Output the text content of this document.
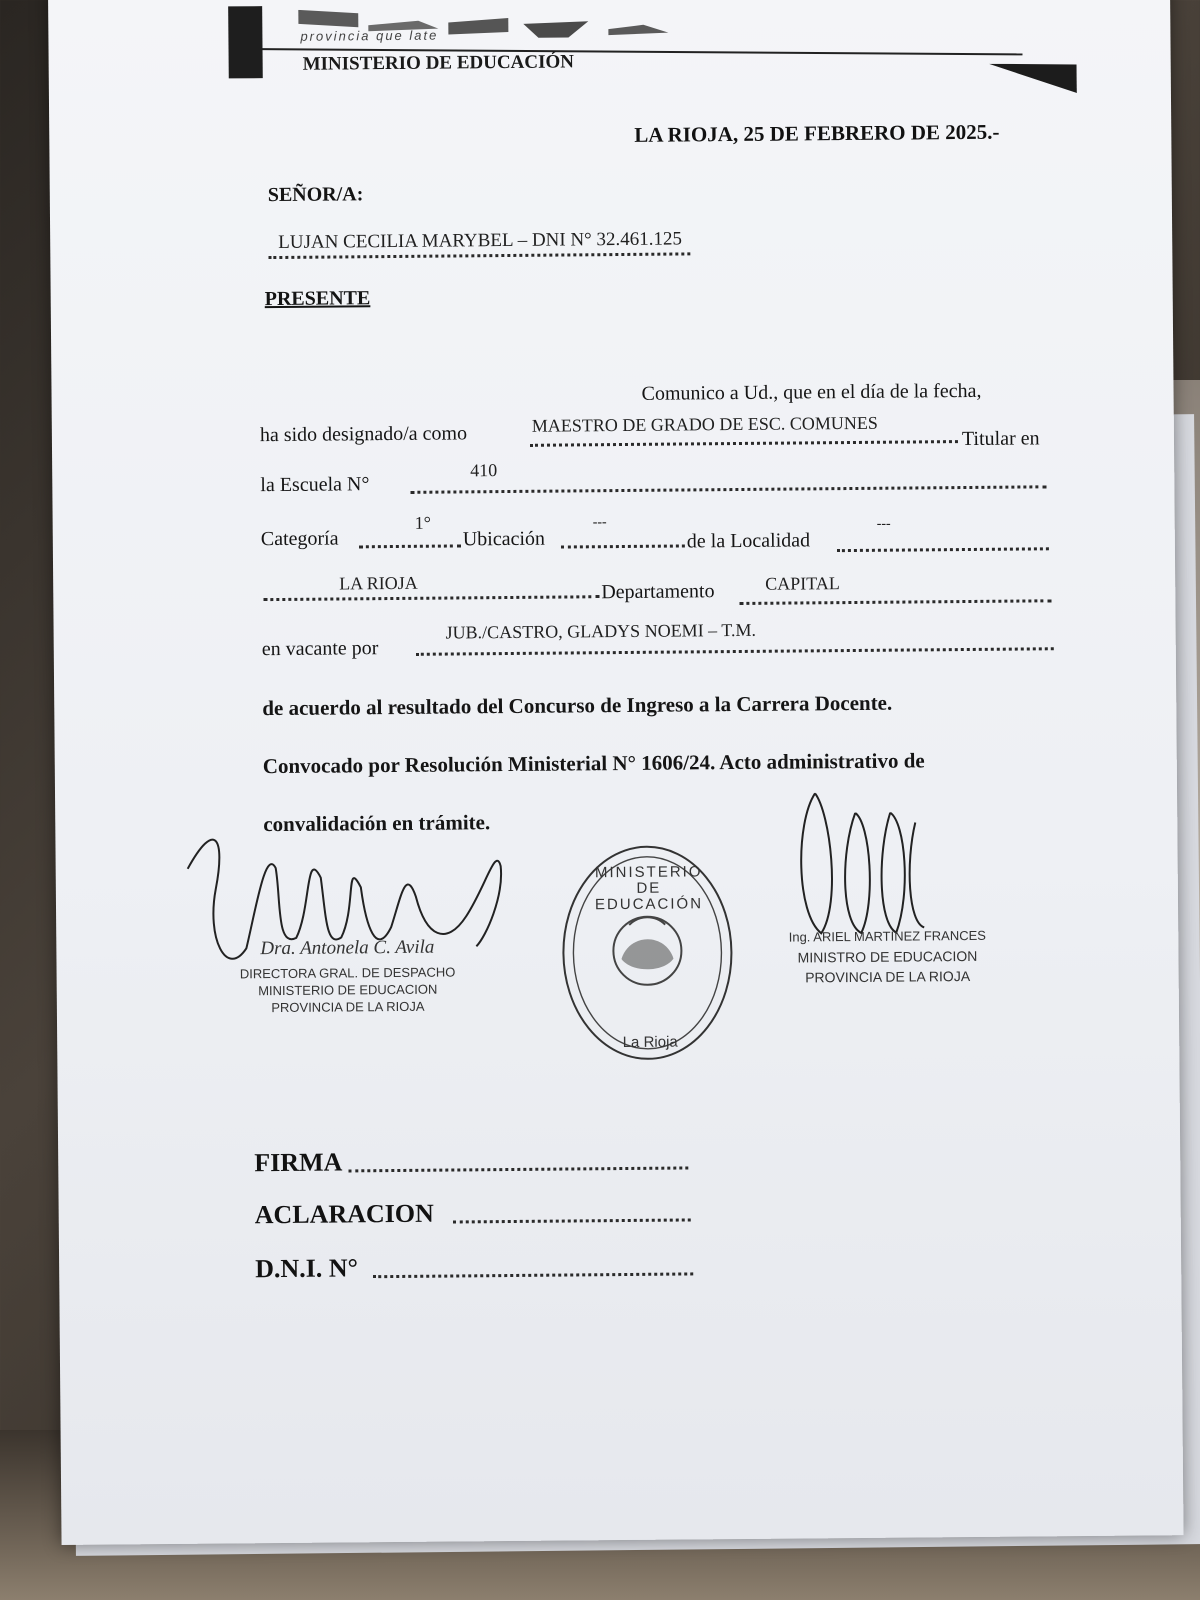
provincia que late
MINISTERIO DE EDUCACIÓN
LA RIOJA, 25 DE FEBRERO DE 2025.-
SEÑOR/A:
LUJAN CECILIA MARYBEL – DNI N° 32.461.125
PRESENTE
Comunico a Ud., que en el día de la fecha,
ha sido designado/a como	MAESTRO DE GRADO DE ESC. COMUNES
Titular en
la Escuela N°
410
Categoría
1°
Ubicación
---
de la Localidad
---
LA RIOJA	Departamento	CAPITAL
en vacante por
JUB./CASTRO, GLADYS NOEMI – T.M.
de acuerdo al resultado del Concurso de Ingreso a la Carrera Docente.
Convocado por Resolución Ministerial N° 1606/24. Acto administrativo de
convalidación en trámite.
Dra. Antonela C. Avila
DIRECTORA GRAL. DE DESPACHO
MINISTERIO DE EDUCACION
PROVINCIA DE LA RIOJA
MINISTERIO DE EDUCACIÓN
La Rioja
Ing. ARIEL MARTINEZ FRANCES
MINISTRO DE EDUCACION
PROVINCIA DE LA RIOJA
FIRMA
ACLARACION
D.N.I. N°
